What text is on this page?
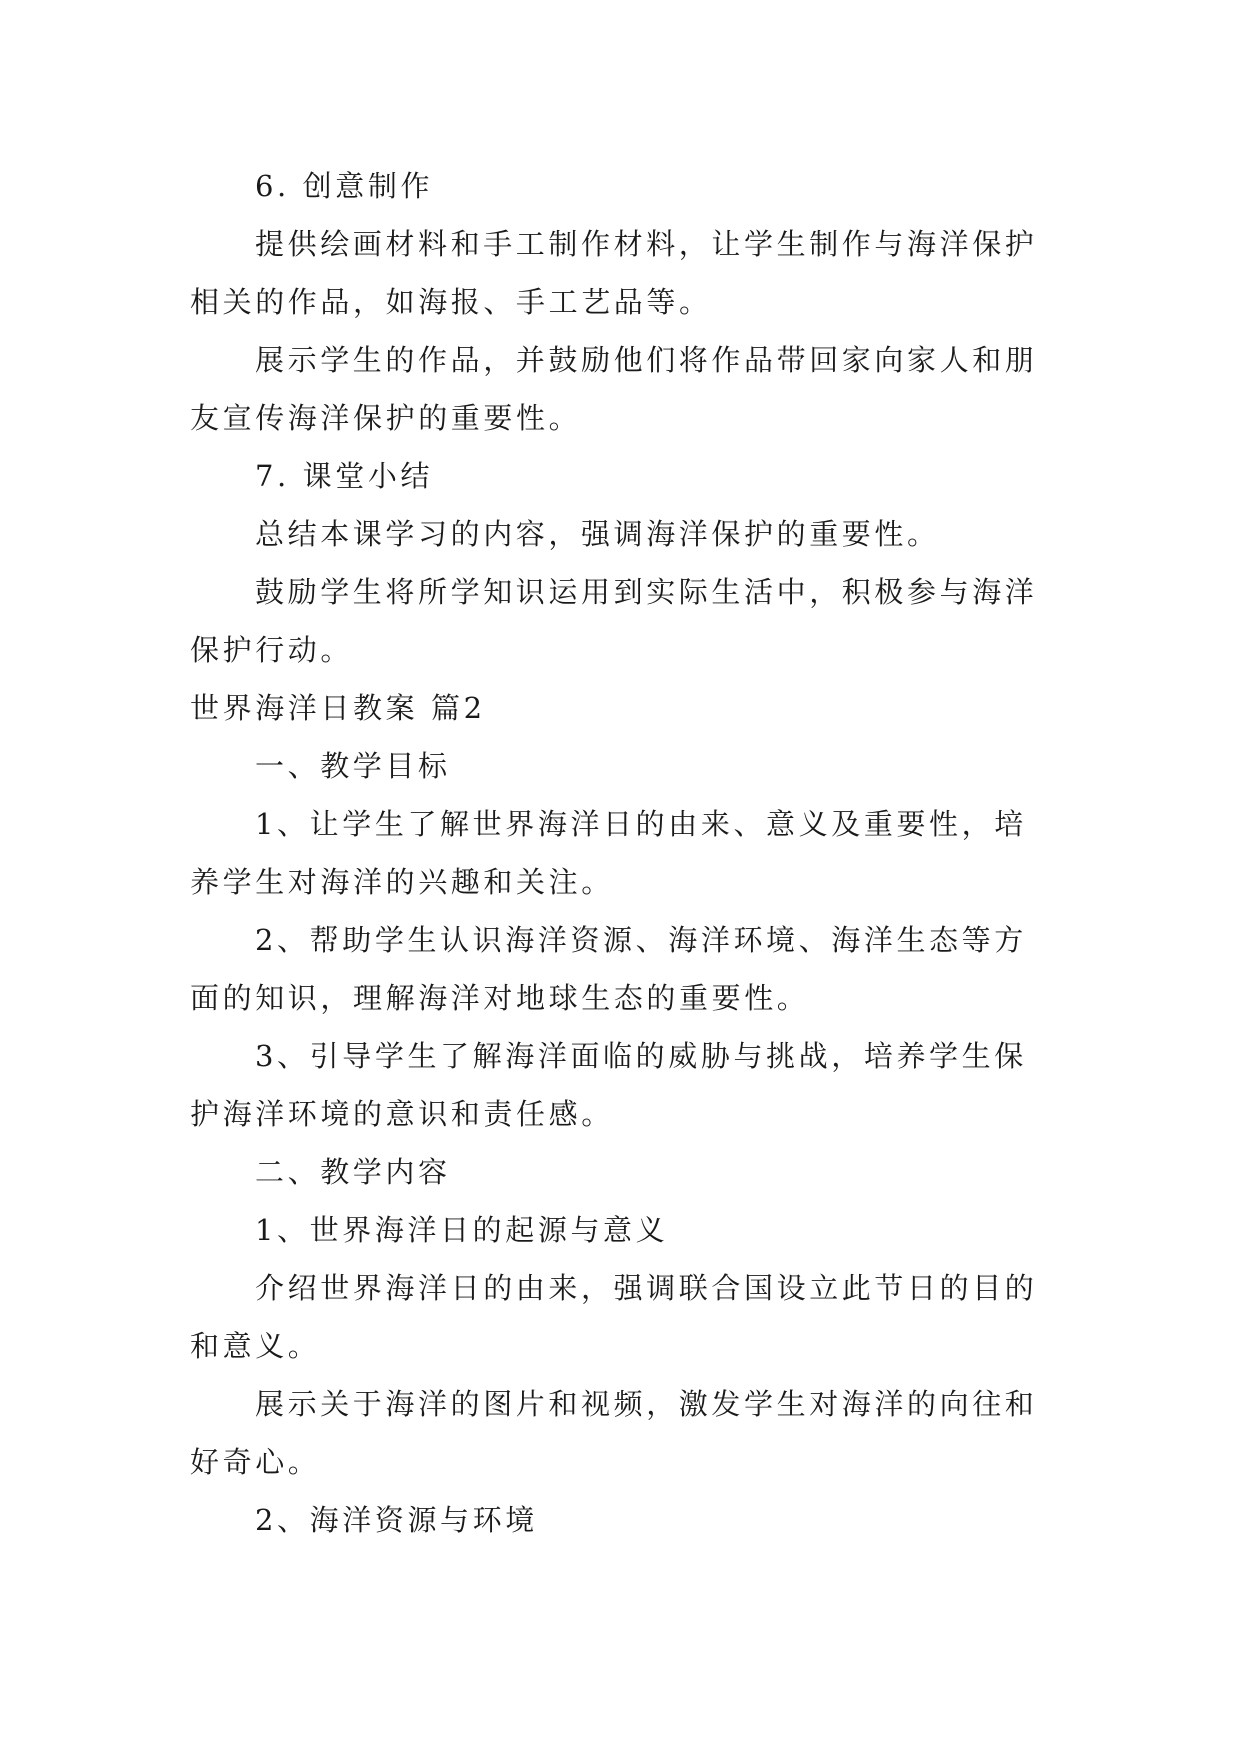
6. 创意制作

提供绘画材料和手工制作材料，让学生制作与海洋保护

相关的作品，如海报、手工艺品等。

展示学生的作品，并鼓励他们将作品带回家向家人和朋

友宣传海洋保护的重要性。

7. 课堂小结

总结本课学习的内容，强调海洋保护的重要性。

鼓励学生将所学知识运用到实际生活中，积极参与海洋

保护行动。

世界海洋日教案 篇2

一、教学目标

1、让学生了解世界海洋日的由来、意义及重要性，培

养学生对海洋的兴趣和关注。

2、帮助学生认识海洋资源、海洋环境、海洋生态等方

面的知识，理解海洋对地球生态的重要性。

3、引导学生了解海洋面临的威胁与挑战，培养学生保

护海洋环境的意识和责任感。

二、教学内容

1、世界海洋日的起源与意义

介绍世界海洋日的由来，强调联合国设立此节日的目的

和意义。

展示关于海洋的图片和视频，激发学生对海洋的向往和

好奇心。

2、海洋资源与环境
